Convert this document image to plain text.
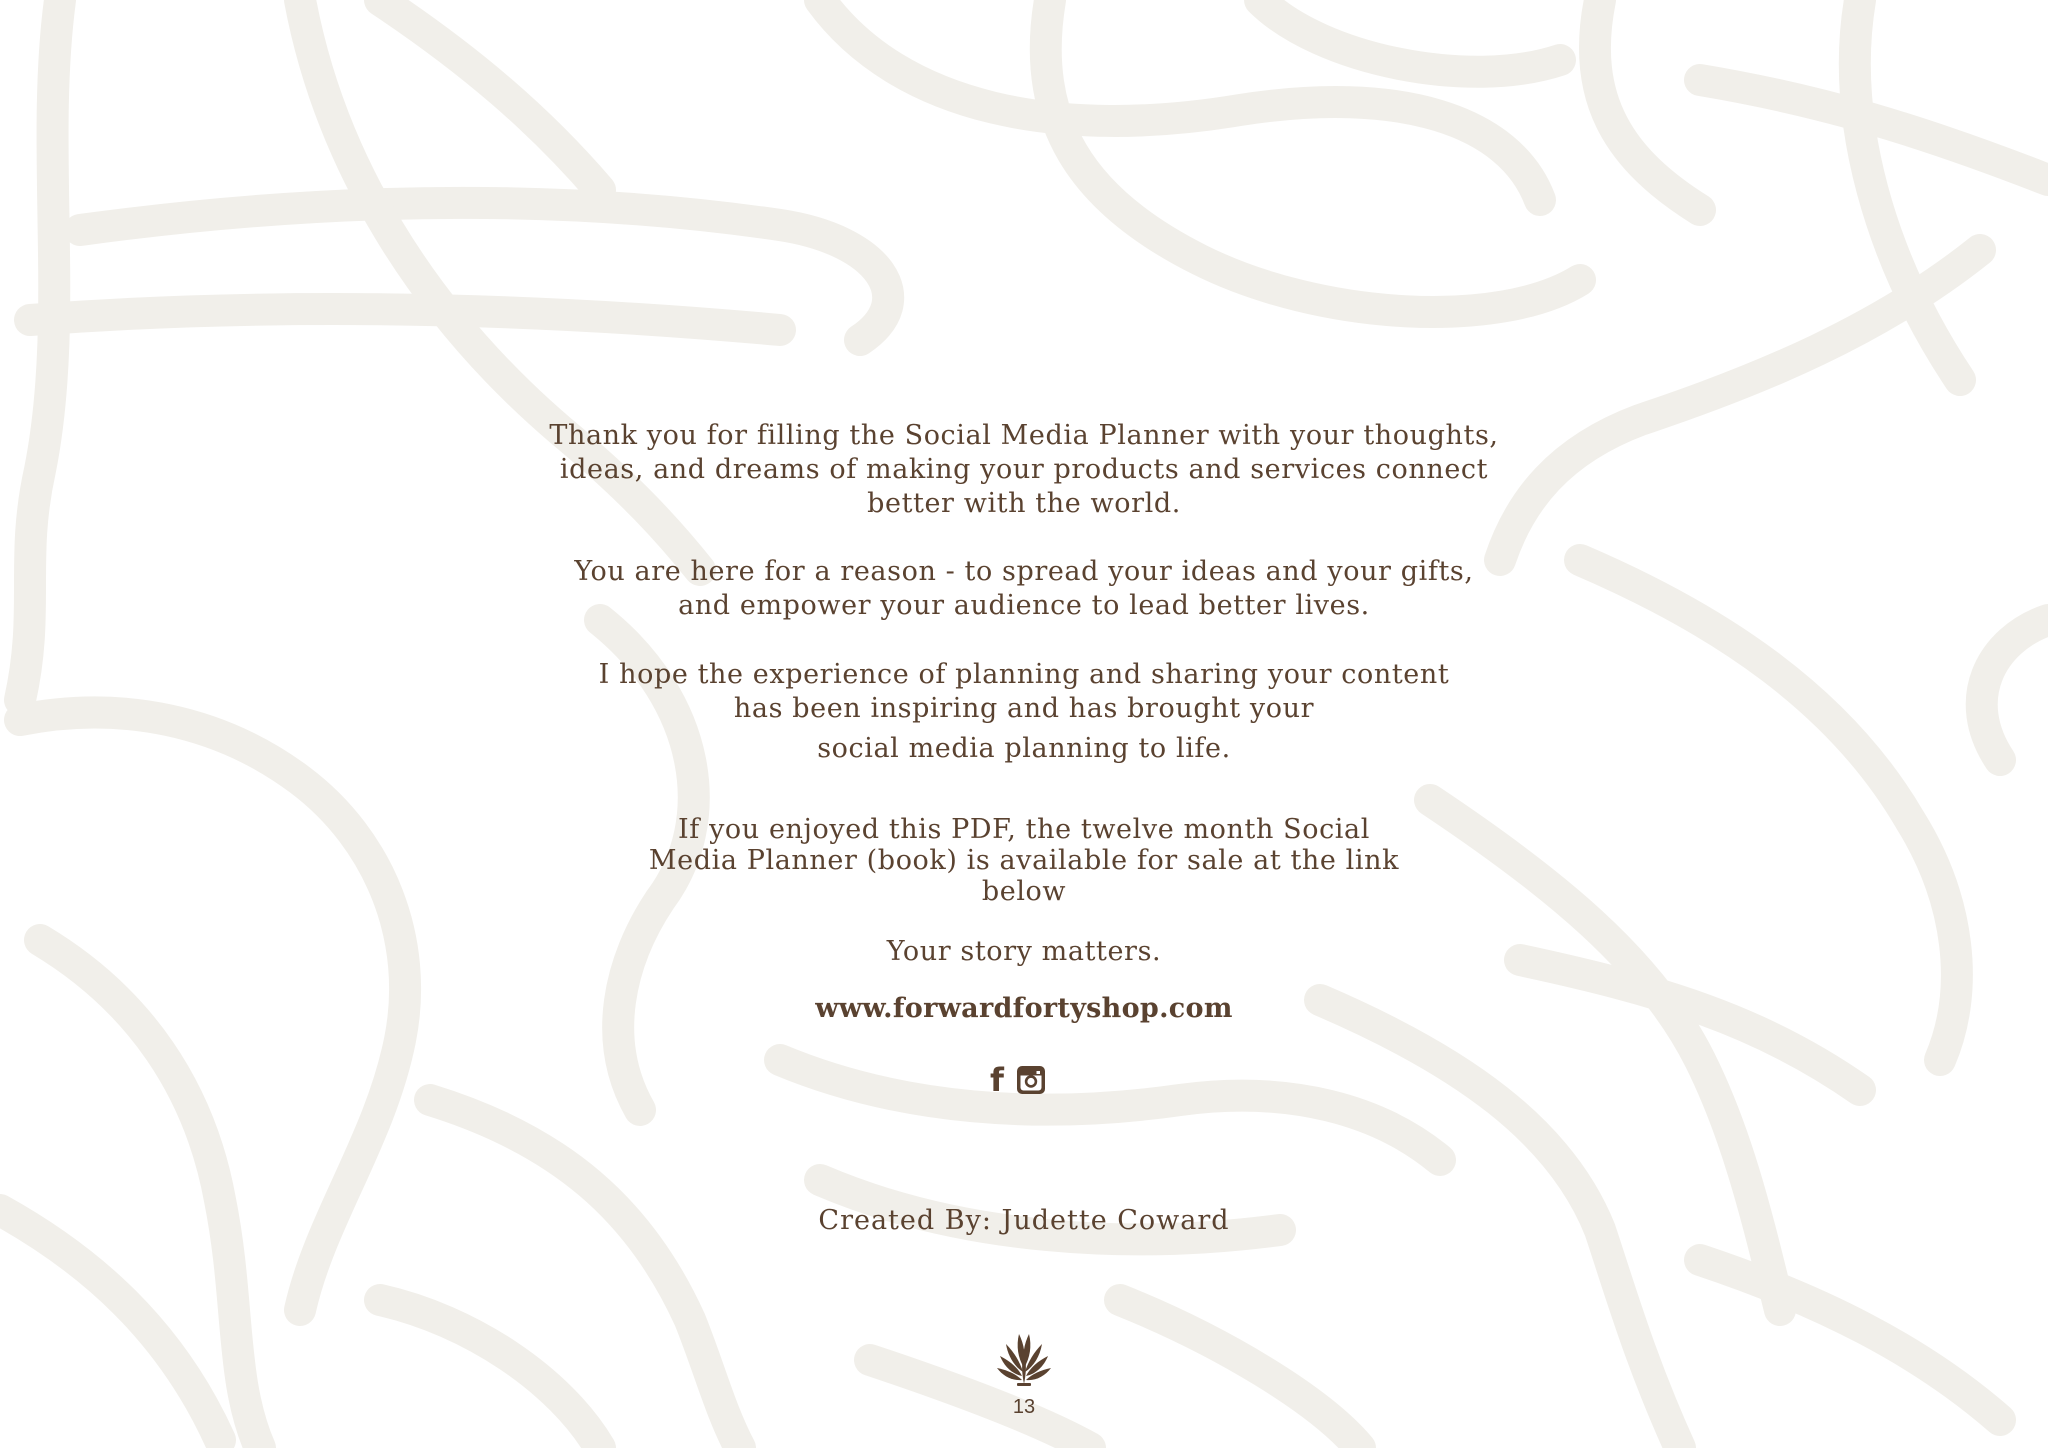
Thank you for filling the Social Media Planner with your thoughts,
ideas, and dreams of making your products and services connect
better with the world.
You are here for a reason - to spread your ideas and your gifts,
and empower your audience to lead better lives.
I hope the experience of planning and sharing your content
has been inspiring and has brought your
social media planning to life.
If you enjoyed this PDF, the twelve month Social
Media Planner (book) is available for sale at the link
below
Your story matters.
www.forwardfortyshop.com
f
Created By: Judette Coward
13
